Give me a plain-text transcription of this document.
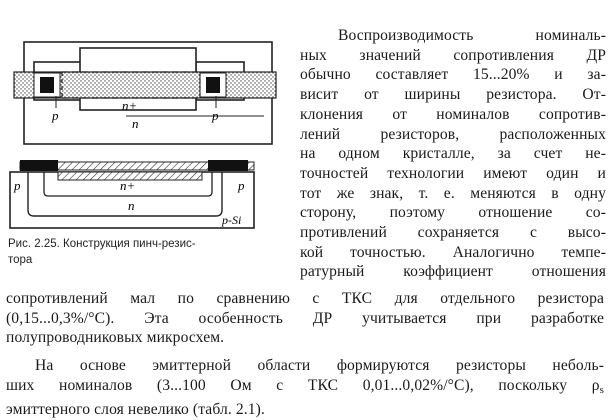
p
n+
n
p
p	n+
n
p
p-Si
Рис. 2.25. Конструкция пинч-резис-
тора
Воспроизводимость номиналь-
ных значений сопротивления ДР
обычно составляет 15...20% и за-
висит от ширины резистора. От-
клонения от номиналов сопротив-
лений резисторов, расположенных
на одном кристалле, за счет не-
точностей технологии имеют один и
тот же знак, т. е. меняются в одну
сторону, поэтому отношение со-
противлений сохраняется с высо-
кой точностью. Аналогично темпе-
ратурный коэффициент отношения
сопротивлений мал по сравнению с ТКС для отдельного резистора
(0,15...0,3%/°С). Эта особенность ДР учитывается при разработке
полупроводниковых микросхем.
На основе эмиттерной области формируются резисторы неболь-
ших номиналов (3...100 Ом с ТКС 0,01...0,02%/°С), поскольку $\rho_s$
эмиттерного слоя невелико (табл. 2.1).
